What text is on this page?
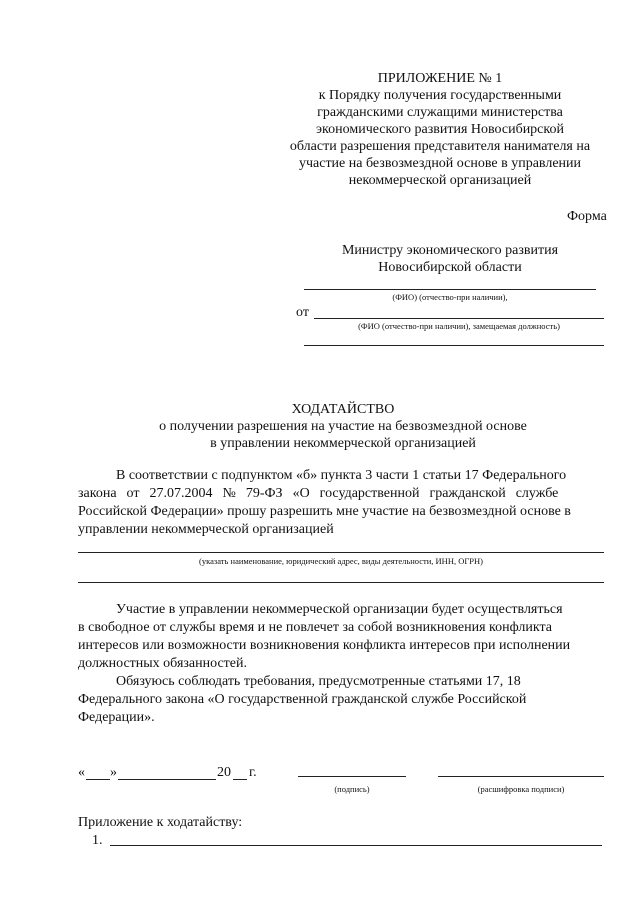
ПРИЛОЖЕНИЕ № 1
к Порядку получения государственными
гражданскими служащими министерства
экономического развития Новосибирской
области разрешения представителя нанимателя на
участие на безвозмездной основе в управлении
некоммерческой организацией
Форма
Министру экономического развития
Новосибирской области
(ФИО) (отчество-при наличии),
от
(ФИО (отчество-при наличии), замещаемая должность)
ХОДАТАЙСТВО
о получении разрешения на участие на безвозмездной основе
в управлении некоммерческой организацией
В соответствии с подпунктом «б» пункта 3 части 1 статьи 17 Федерального
закона от 27.07.2004 № 79-ФЗ «О государственной гражданской службе
Российской Федерации» прошу разрешить мне участие на безвозмездной основе в
управлении некоммерческой организацией
(указать наименование, юридический адрес, виды деятельности, ИНН, ОГРН)
Участие в управлении некоммерческой организации будет осуществляться
в свободное от службы время и не повлечет за собой возникновения конфликта
интересов или возможности возникновения конфликта интересов при исполнении
должностных обязанностей.
Обязуюсь соблюдать требования, предусмотренные статьями 17, 18
Федерального закона «О государственной гражданской службе Российской
Федерации».
« »	20 г.
(подпись)	(расшифровка подписи)
Приложение к ходатайству:
1.
